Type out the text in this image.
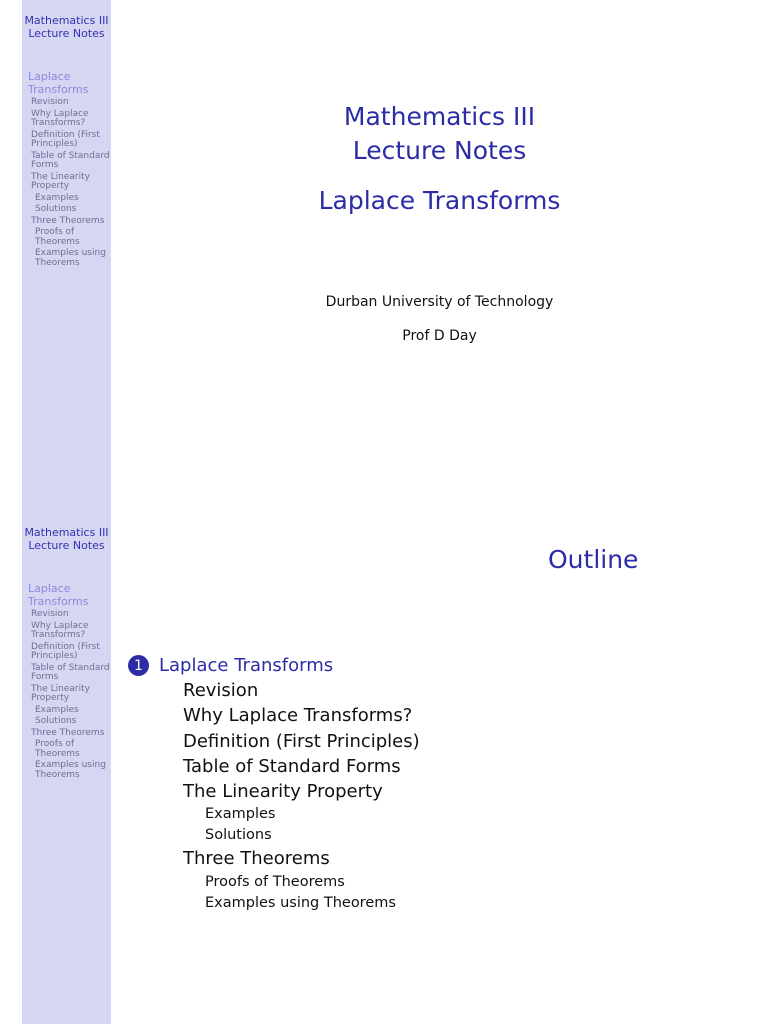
Mathematics III Lecture Notes
Laplace Transforms
Revision
Why Laplace Transforms?
Definition (First Principles)
Table of Standard Forms
The Linearity Property
Examples
Solutions
Three Theorems
Proofs of Theorems
Examples using Theorems
Mathematics III Lecture Notes
Laplace Transforms
Revision
Why Laplace Transforms?
Definition (First Principles)
Table of Standard Forms
The Linearity Property
Examples
Solutions
Three Theorems
Proofs of Theorems
Examples using Theorems
Mathematics III
Lecture Notes
Laplace Transforms
Durban University of Technology
Prof D Day
Outline
1 Laplace Transforms
Revision
Why Laplace Transforms?
Definition (First Principles)
Table of Standard Forms
The Linearity Property
Examples
Solutions
Three Theorems
Proofs of Theorems
Examples using Theorems
